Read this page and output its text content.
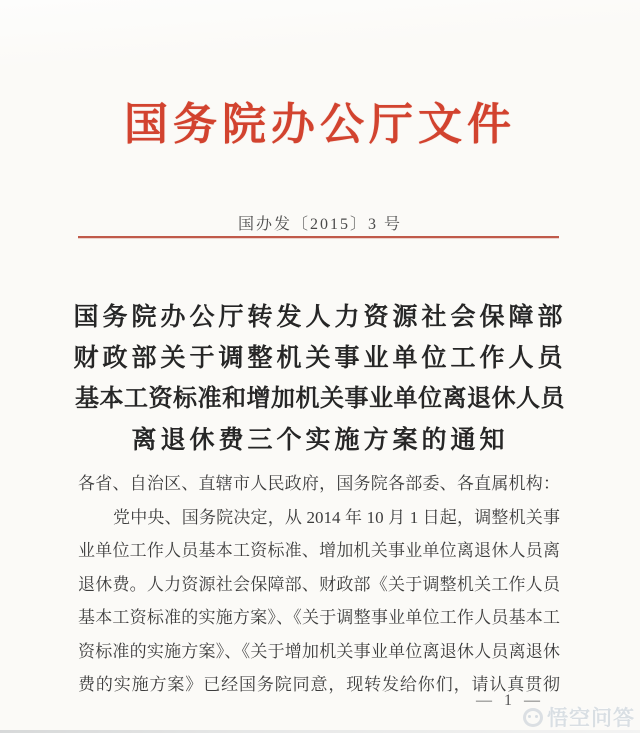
国务院办公厅文件
国办发〔2015〕3 号
国务院办公厅转发人力资源社会保障部
财政部关于调整机关事业单位工作人员
基本工资标准和增加机关事业单位离退休人员
离退休费三个实施方案的通知
各省、自治区、直辖市人民政府，国务院各部委、各直属机构：
党中央、国务院决定，从 2014 年 10 月 1 日起，调整机关事
业单位工作人员基本工资标准、增加机关事业单位离退休人员离
退休费。人力资源社会保障部、财政部《关于调整机关工作人员
基本工资标准的实施方案》、《关于调整事业单位工作人员基本工
资标准的实施方案》、《关于增加机关事业单位离退休人员离退休
费的实施方案》已经国务院同意，现转发给你们，请认真贯彻
— 1 —
悟空问答
